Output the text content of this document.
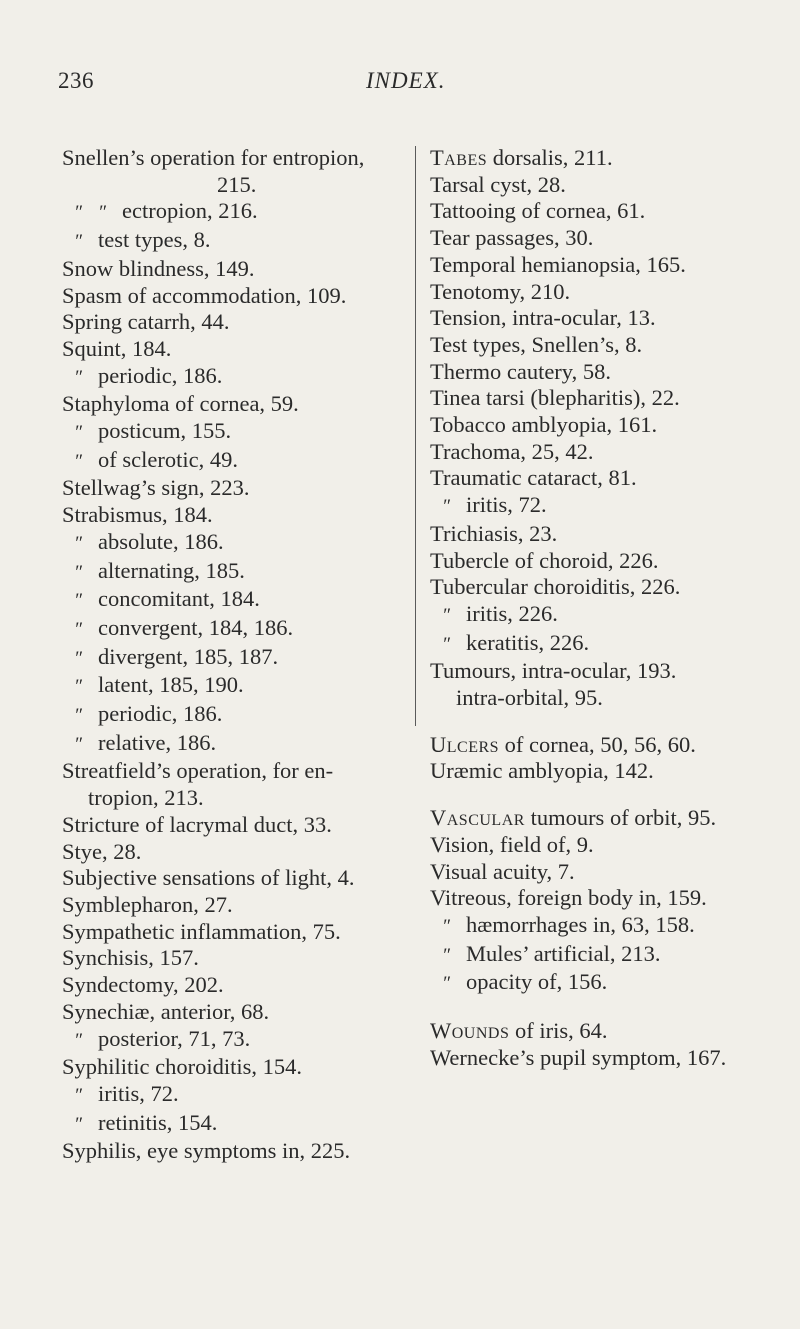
236	INDEX.
Snellen’s operation for entropion,
215.
″ ″ ectropion, 216.
″ test types, 8.
Snow blindness, 149.
Spasm of accommodation, 109.
Spring catarrh, 44.
Squint, 184.
″ periodic, 186.
Staphyloma of cornea, 59.
″ posticum, 155.
″ of sclerotic, 49.
Stellwag’s sign, 223.
Strabismus, 184.
″ absolute, 186.
″ alternating, 185.
″ concomitant, 184.
″ convergent, 184, 186.
″ divergent, 185, 187.
″ latent, 185, 190.
″ periodic, 186.
″ relative, 186.
Streatfield’s operation, for en-
tropion, 213.
Stricture of lacrymal duct, 33.
Stye, 28.
Subjective sensations of light, 4.
Symblepharon, 27.
Sympathetic inflammation, 75.
Synchisis, 157.
Syndectomy, 202.
Synechiæ, anterior, 68.
″ posterior, 71, 73.
Syphilitic choroiditis, 154.
″ iritis, 72.
″ retinitis, 154.
Syphilis, eye symptoms in, 225.
Tabes dorsalis, 211.
Tarsal cyst, 28.
Tattooing of cornea, 61.
Tear passages, 30.
Temporal hemianopsia, 165.
Tenotomy, 210.
Tension, intra-ocular, 13.
Test types, Snellen’s, 8.
Thermo cautery, 58.
Tinea tarsi (blepharitis), 22.
Tobacco amblyopia, 161.
Trachoma, 25, 42.
Traumatic cataract, 81.
″ iritis, 72.
Trichiasis, 23.
Tubercle of choroid, 226.
Tubercular choroiditis, 226.
″ iritis, 226.
″ keratitis, 226.
Tumours, intra-ocular, 193.
intra-orbital, 95.
Ulcers of cornea, 50, 56, 60.
Uræmic amblyopia, 142.
Vascular tumours of orbit, 95.
Vision, field of, 9.
Visual acuity, 7.
Vitreous, foreign body in, 159.
″ hæmorrhages in, 63, 158.
″ Mules’ artificial, 213.
″ opacity of, 156.
Wounds of iris, 64.
Wernecke’s pupil symptom, 167.
